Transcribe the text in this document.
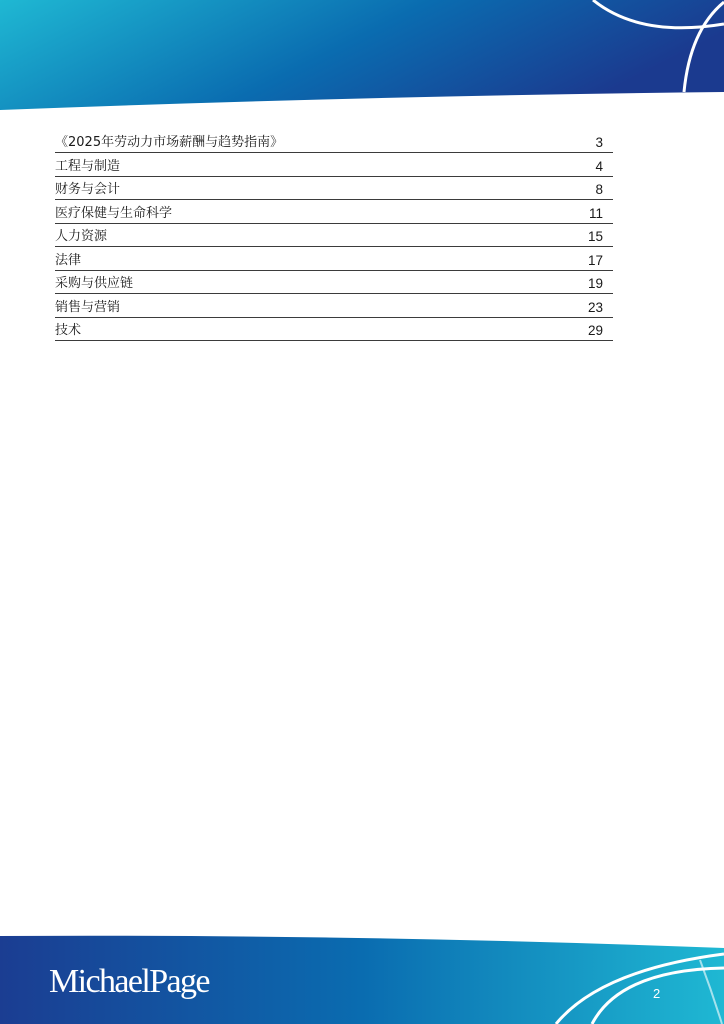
《2025年劳动力市场薪酬与趋势指南》	3
工程与制造	4
财务与会计	8
医疗保健与生命科学	11
人力资源	15
法律	17
采购与供应链	19
销售与营销	23
技术	29
MichaelPage	2
